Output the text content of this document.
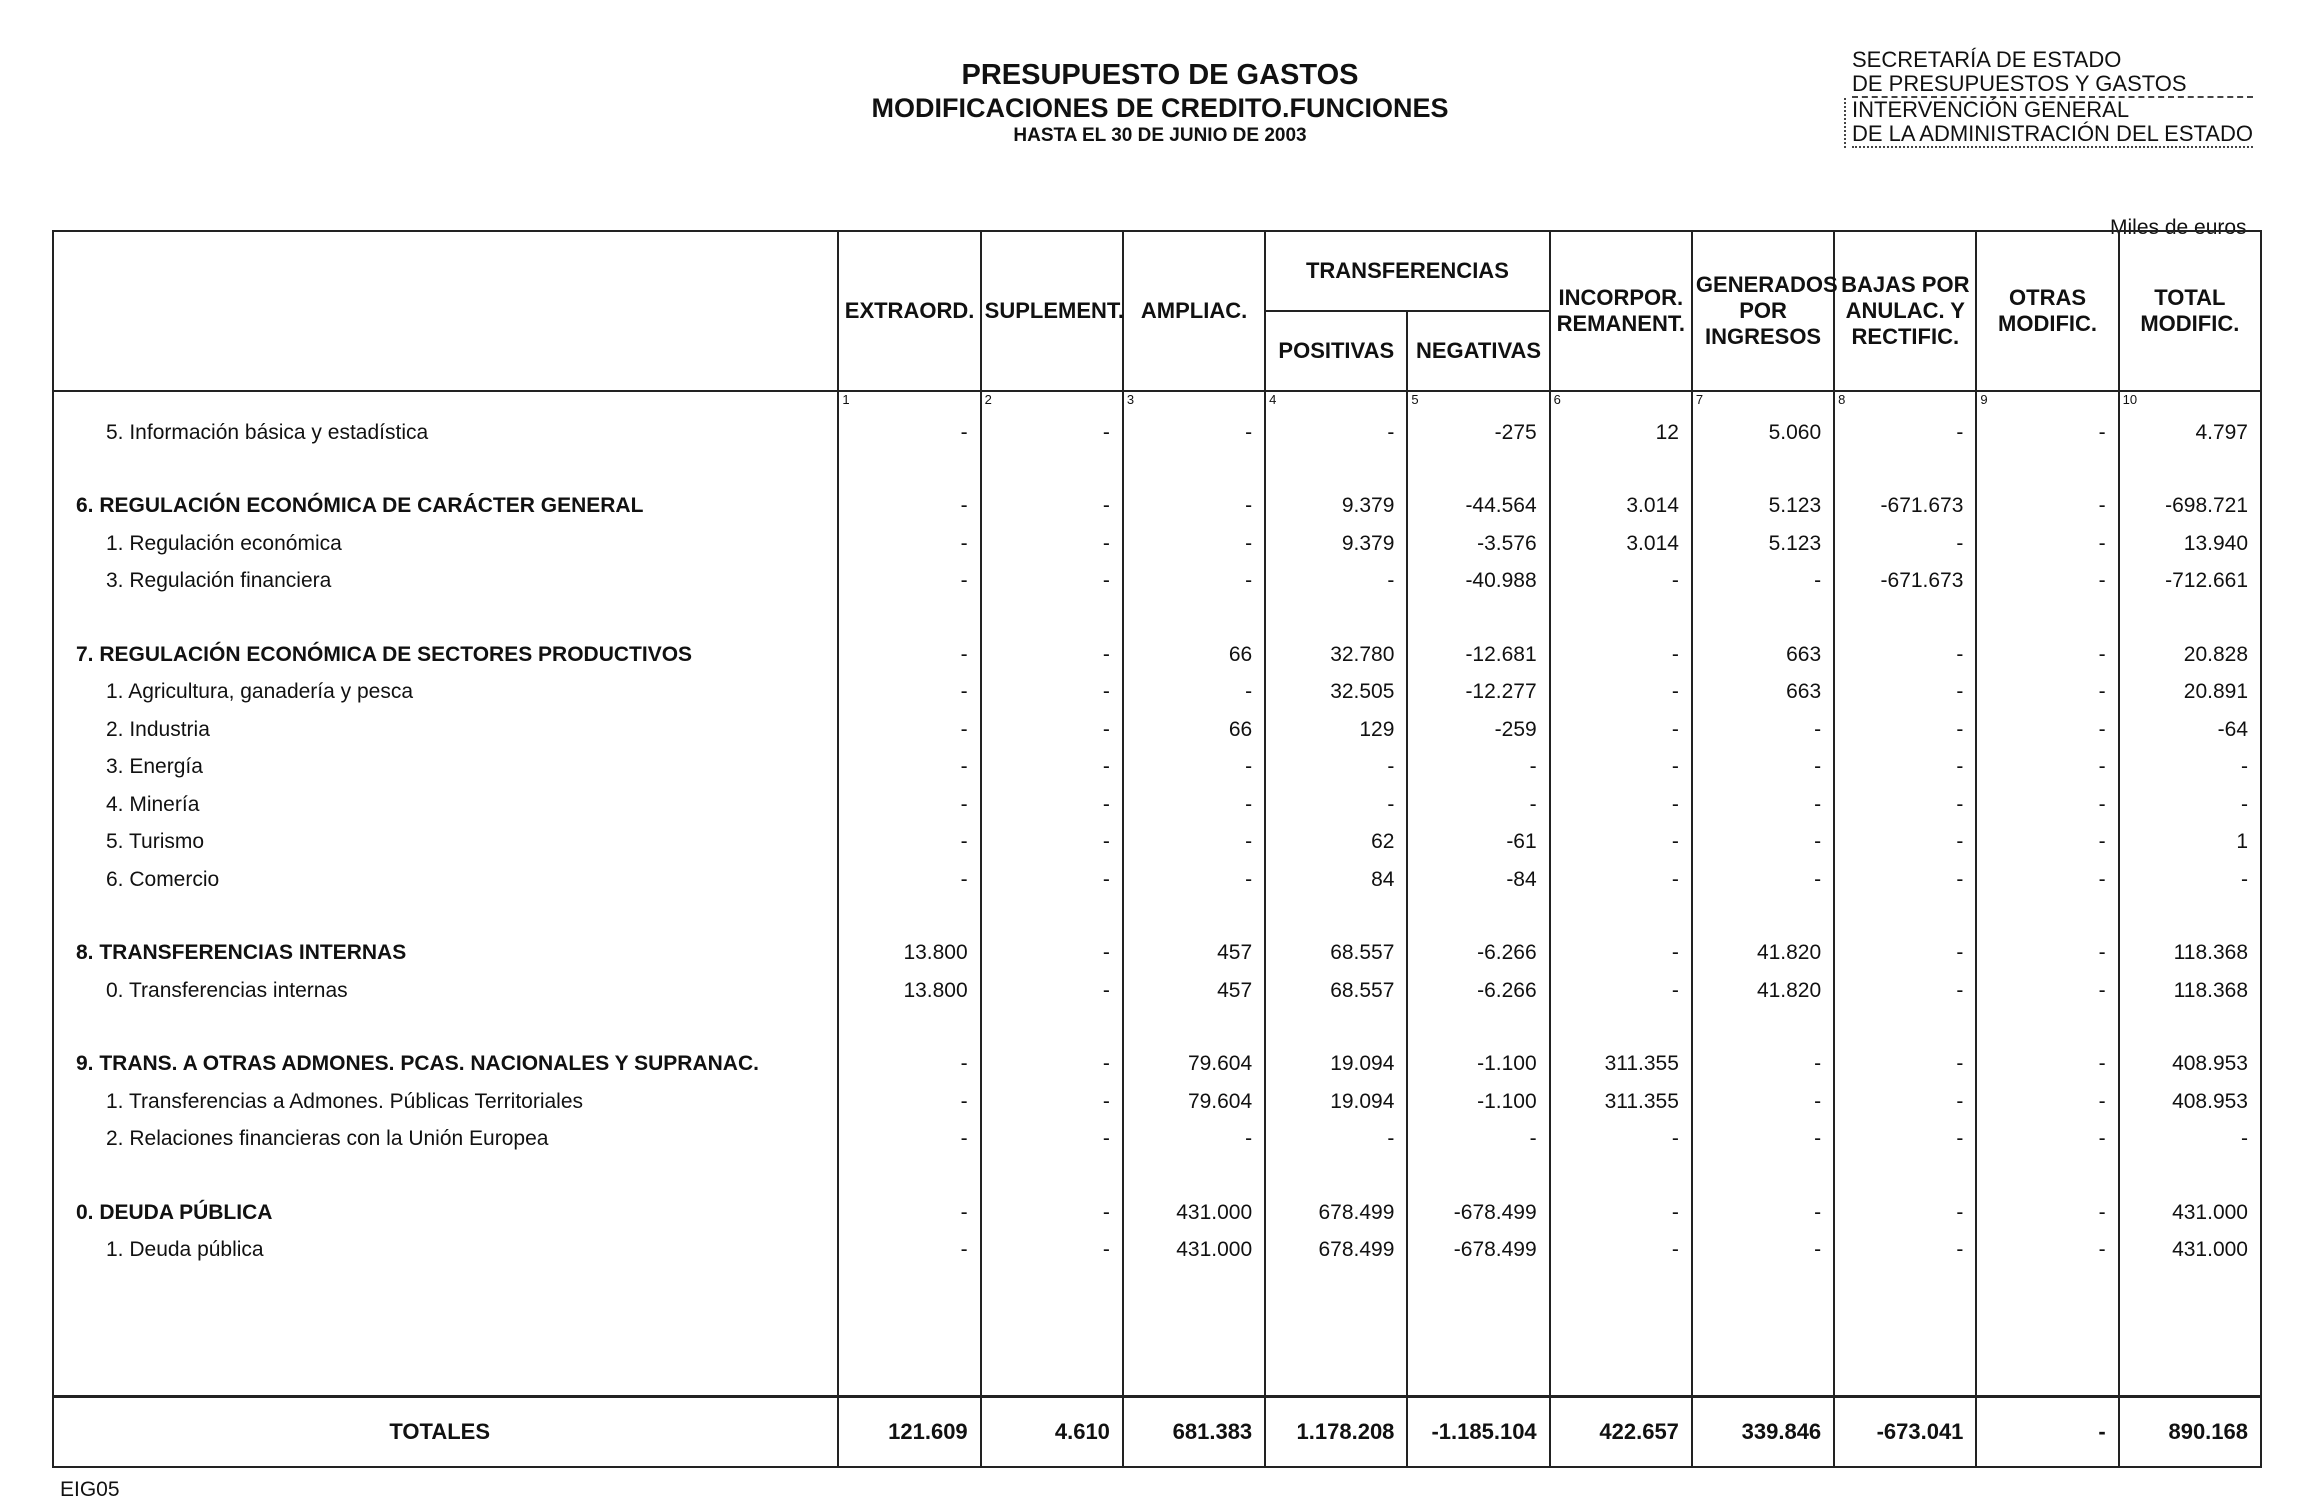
PRESUPUESTO DE GASTOS
MODIFICACIONES DE CREDITO.FUNCIONES
HASTA EL 30 DE JUNIO DE 2003
SECRETARÍA DE ESTADO
DE PRESUPUESTOS Y GASTOS
INTERVENCIÓN GENERAL
DE LA ADMINISTRACIÓN DEL ESTADO
Miles de euros
	EXTRAORD.	SUPLEMENT.	AMPLIAC.	TRANSFERENCIAS		INCORPOR. REMANENT.	GENERADOS POR INGRESOS	BAJAS POR ANULAC. Y RECTIFIC.	OTRAS MODIFIC.	TOTAL MODIFIC.
				POSITIVAS	NEGATIVAS					
	1	2	3	4	5	6	7	8	9	10
5. Información básica y estadística	-	-	-	-	-275	12	5.060	-	-	4.797

6. REGULACIÓN ECONÓMICA DE CARÁCTER GENERAL	-	-	-	9.379	-44.564	3.014	5.123	-671.673	-	-698.721
1. Regulación económica	-	-	-	9.379	-3.576	3.014	5.123	-	-	13.940
3. Regulación financiera	-	-	-	-	-40.988	-	-	-671.673	-	-712.661

7. REGULACIÓN ECONÓMICA DE SECTORES PRODUCTIVOS	-	-	66	32.780	-12.681	-	663	-	-	20.828
1. Agricultura, ganadería y pesca	-	-	-	32.505	-12.277	-	663	-	-	20.891
2. Industria	-	-	66	129	-259	-	-	-	-	-64
3. Energía	-	-	-	-	-	-	-	-	-	-
4. Minería	-	-	-	-	-	-	-	-	-	-
5. Turismo	-	-	-	62	-61	-	-	-	-	1
6. Comercio	-	-	-	84	-84	-	-	-	-	-

8. TRANSFERENCIAS INTERNAS	13.800	-	457	68.557	-6.266	-	41.820	-	-	118.368
0. Transferencias internas	13.800	-	457	68.557	-6.266	-	41.820	-	-	118.368

9. TRANS. A OTRAS ADMONES. PCAS. NACIONALES Y SUPRANAC.	-	-	79.604	19.094	-1.100	311.355	-	-	-	408.953
1. Transferencias a Admones. Públicas Territoriales	-	-	79.604	19.094	-1.100	311.355	-	-	-	408.953
2. Relaciones financieras con la Unión Europea	-	-	-	-	-	-	-	-	-	-

0. DEUDA PÚBLICA	-	-	431.000	678.499	-678.499	-	-	-	-	431.000
1. Deuda pública	-	-	431.000	678.499	-678.499	-	-	-	-	431.000

TOTALES	121.609	4.610	681.383	1.178.208	-1.185.104	422.657	339.846	-673.041	-	890.168
EIG05
